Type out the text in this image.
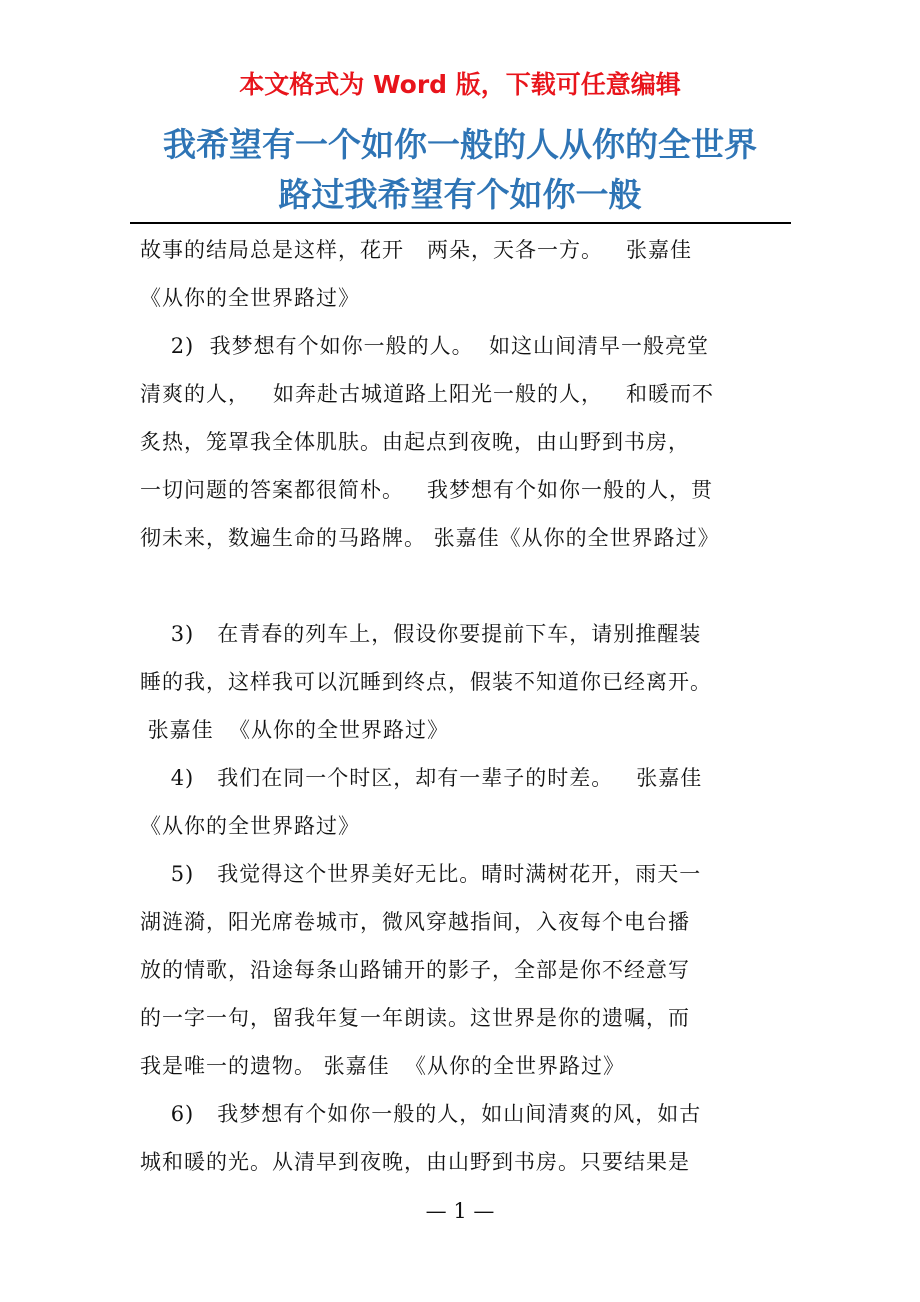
本文格式为 Word 版，下载可任意编辑
我希望有一个如你一般的人从你的全世界
路过我希望有个如你一般

故事的结局总是这样，花开   两朵，天各一方。   张嘉佳

《从你的全世界路过》

2)  我梦想有个如你一般的人。  如这山间清早一般亮堂

清爽的人，   如奔赴古城道路上阳光一般的人，   和暖而不

炙热，笼罩我全体肌肤。由起点到夜晚，由山野到书房，

一切问题的答案都很简朴。   我梦想有个如你一般的人，贯

彻未来，数遍生命的马路牌。 张嘉佳《从你的全世界路过》

3)   在青春的列车上，假设你要提前下车，请别推醒装

睡的我，这样我可以沉睡到终点，假装不知道你已经离开。

张嘉佳  《从你的全世界路过》

4)   我们在同一个时区，却有一辈子的时差。   张嘉佳

《从你的全世界路过》

5)   我觉得这个世界美好无比。晴时满树花开，雨天一

湖涟漪，阳光席卷城市，微风穿越指间，入夜每个电台播

放的情歌，沿途每条山路铺开的影子，全部是你不经意写

的一字一句，留我年复一年朗读。这世界是你的遗嘱，而

我是唯一的遗物。 张嘉佳  《从你的全世界路过》

6)   我梦想有个如你一般的人，如山间清爽的风，如古

城和暖的光。从清早到夜晚，由山野到书房。只要结果是

— 1 —
